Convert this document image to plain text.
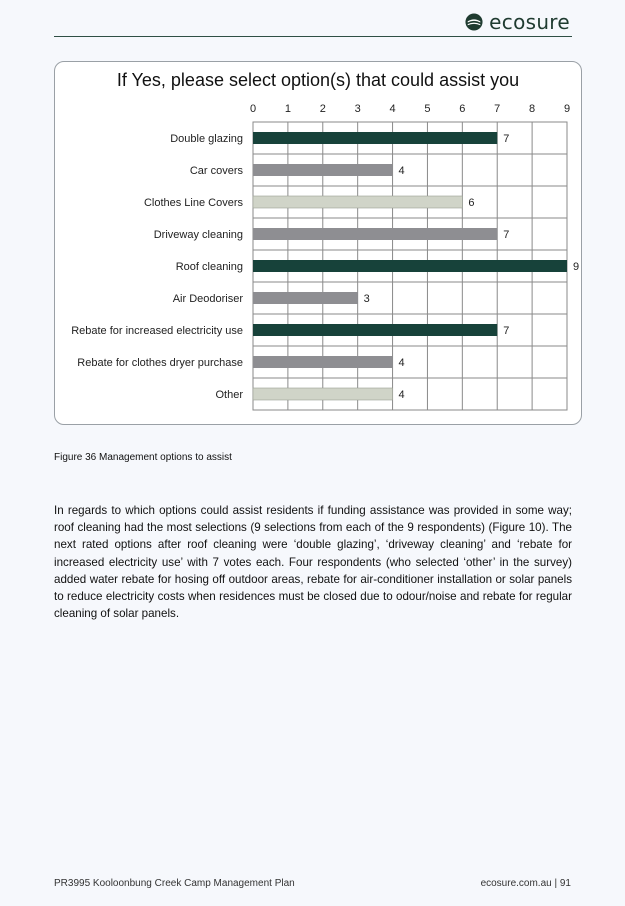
ecosure
If Yes, please select option(s) that could assist you
0	1	2	3	4	5	6	7	8	9
Double glazing	7
Car covers	4
Clothes Line Covers	6
Driveway cleaning	7
Roof cleaning	9
Air Deodoriser	3
Rebate for increased electricity use	7
Rebate for clothes dryer purchase	4
Other	4
Figure 36 Management options to assist

In regards to which options could assist residents if funding assistance was provided in some way; roof cleaning had the most selections (9 selections from each of the 9 respondents) (Figure 10). The next rated options after roof cleaning were ‘double glazing’, ‘driveway cleaning’ and ‘rebate for increased electricity use’ with 7 votes each. Four respondents (who selected ‘other’ in the survey) added water rebate for hosing off outdoor areas, rebate for air-conditioner installation or solar panels to reduce electricity costs when residences must be closed due to odour/noise and rebate for regular cleaning of solar panels.

PR3995 Kooloonbung Creek Camp Management Plan	ecosure.com.au | 91
